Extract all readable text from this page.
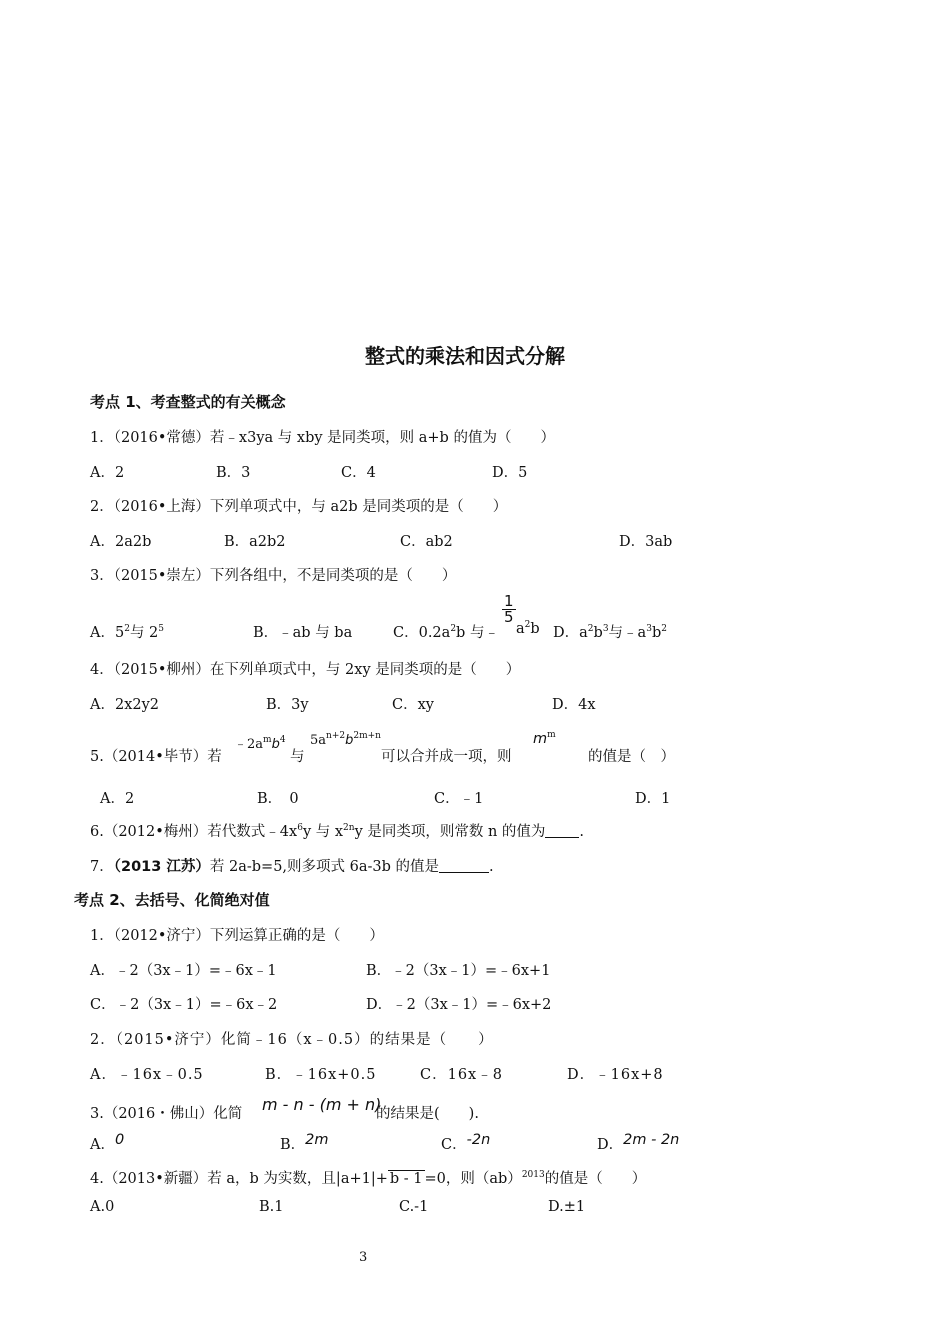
整式的乘法和因式分解
考点 1、考查整式的有关概念
1．（2016•常德）若﹣x3ya 与 xby 是同类项，则 a+b 的值为（　　）
A．2	B．3	C．4	D．5
2．（2016•上海）下列单项式中，与 a2b 是同类项的是（　　）
A．2a2b	B．a2b2	C．ab2	D．3ab
3．（2015•崇左）下列各组中，不是同类项的是（　　）
A．$5^2$与 $2^5$	B．﹣ab 与 ba	C．$0.2a^2b$ 与﹣
$\frac{1}{5}$
$a^2b$ D．$a^2b^3$与$﹣a^3b^2$
4．（2015•柳州）在下列单项式中，与 2xy 是同类项的是（　　）
A．2x2y2	B．3y	C．xy	D．4x
5.（2014•毕节）若
$﹣2a^mb^4$
与
$5a^{n+2}b^{2m+n}$
可以合并成一项，则
$m^m$
的值是（　）
A．2	B．　0	C．﹣1	D．1
6.（2012•梅州）若代数式$﹣4x^6y$ 与 $x^{2n}y$ 是同类项，则常数 n 的值为 .
7．（2013 江苏）若 2a-b=5,则多项式 6a-3b 的值是	.
考点 2、去括号、化简绝对值
1．（2012•济宁）下列运算正确的是（　　）
A．﹣2（3x﹣1）=﹣6x﹣1	B．﹣2（3x﹣1）=﹣6x+1
C．﹣2（3x﹣1）=﹣6x﹣2	D．﹣2（3x﹣1）=﹣6x+2
2．（2015•济宁）化简﹣16（x﹣0.5）的结果是（　　）
A．﹣16x﹣0.5	B．﹣16x+0.5	C．16x﹣8	D．﹣16x+8
3.（2016・佛山）化简 m - n - (m + n)
的结果是(　　).
A．0	B．2m	C．-2n	D．2m - 2n
4.（2013•新疆）若 a，b 为实数，且|a+1|+ b - 1 =0，则（ab）$^{2013}$的值是（　　）
A.0	B.1	C.-1	D.±1
3
